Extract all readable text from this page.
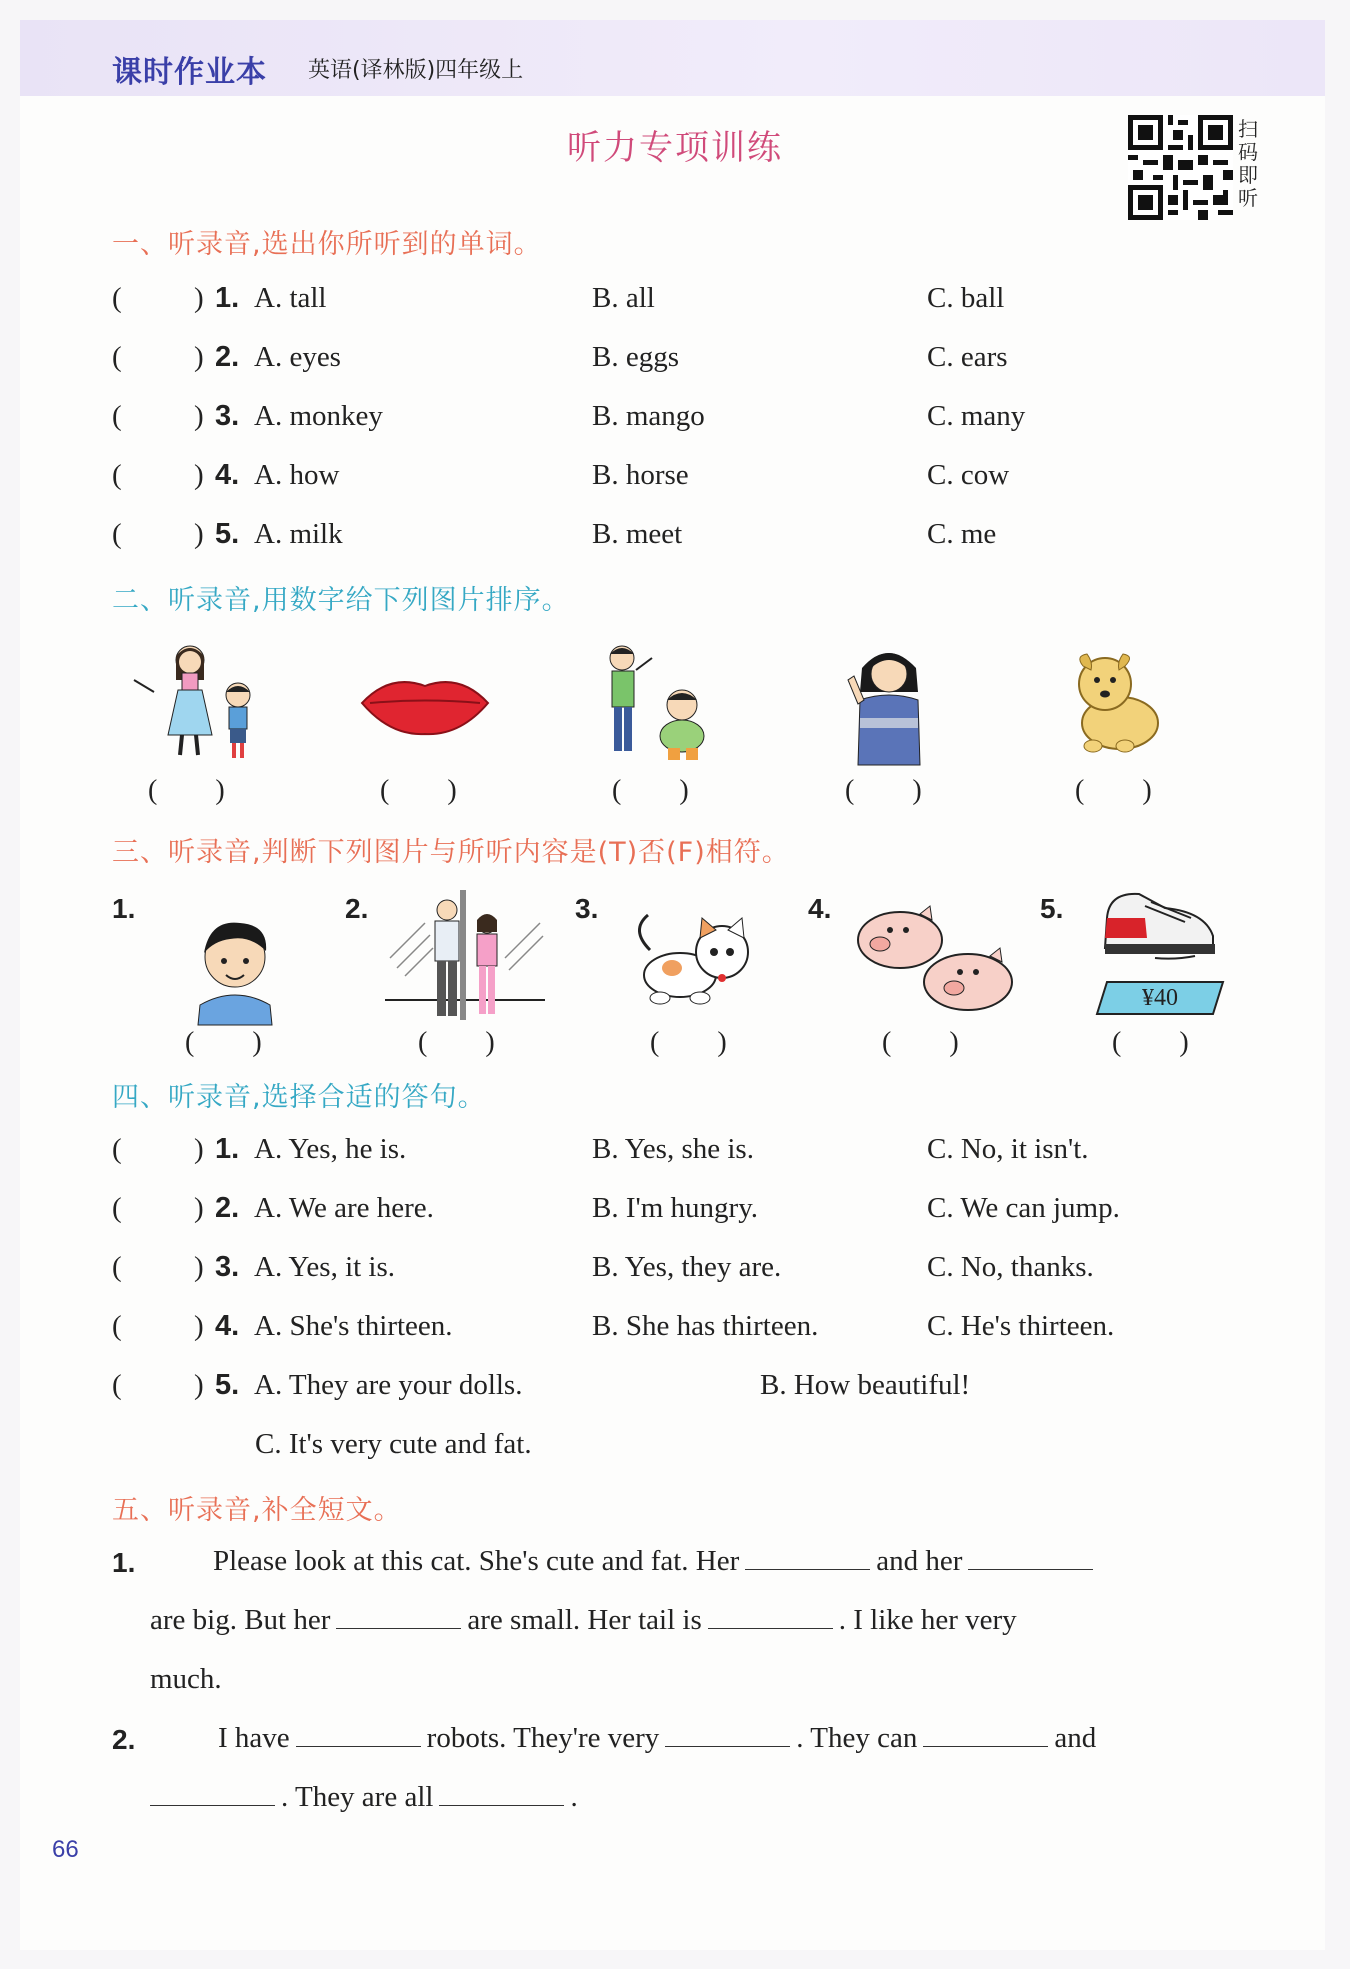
课时作业本 英语(译林版)四年级上
听力专项训练	扫码即听
一、听录音,选出你所听到的单词。
( ) 1. A. tall	B. all	C. ball
( ) 2. A. eyes	B. eggs	C. ears
( ) 3. A. monkey	B. mango	C. many
( ) 4. A. how	B. horse	C. cow
( ) 5. A. milk	B. meet	C. me
二、听录音,用数字给下列图片排序。
( )	( )	( )	( )	( )
三、听录音,判断下列图片与所听内容是(T)否(F)相符。
1.	2.	3.	4.	5.
( )	( )	( )	( )
¥40
( )
四、听录音,选择合适的答句。
( ) 1. A. Yes, he is.	B. Yes, she is.	C. No, it isn't.
( ) 2. A. We are here.	B. I'm hungry.	C. We can jump.
( ) 3. A. Yes, it is.	B. Yes, they are.	C. No, thanks.
( ) 4. A. She's thirteen.	B. She has thirteen.	C. He's thirteen.
( ) 5. A. They are your dolls.	B. How beautiful!
C. It's very cute and fat.
五、听录音,补全短文。
1.	Please look at this cat. She's cute and fat. Her	and her
are big. But her	are small. Her tail is	. I like her very
much.
2.	I have	robots. They're very	. They can	and
. They are all	.
66
